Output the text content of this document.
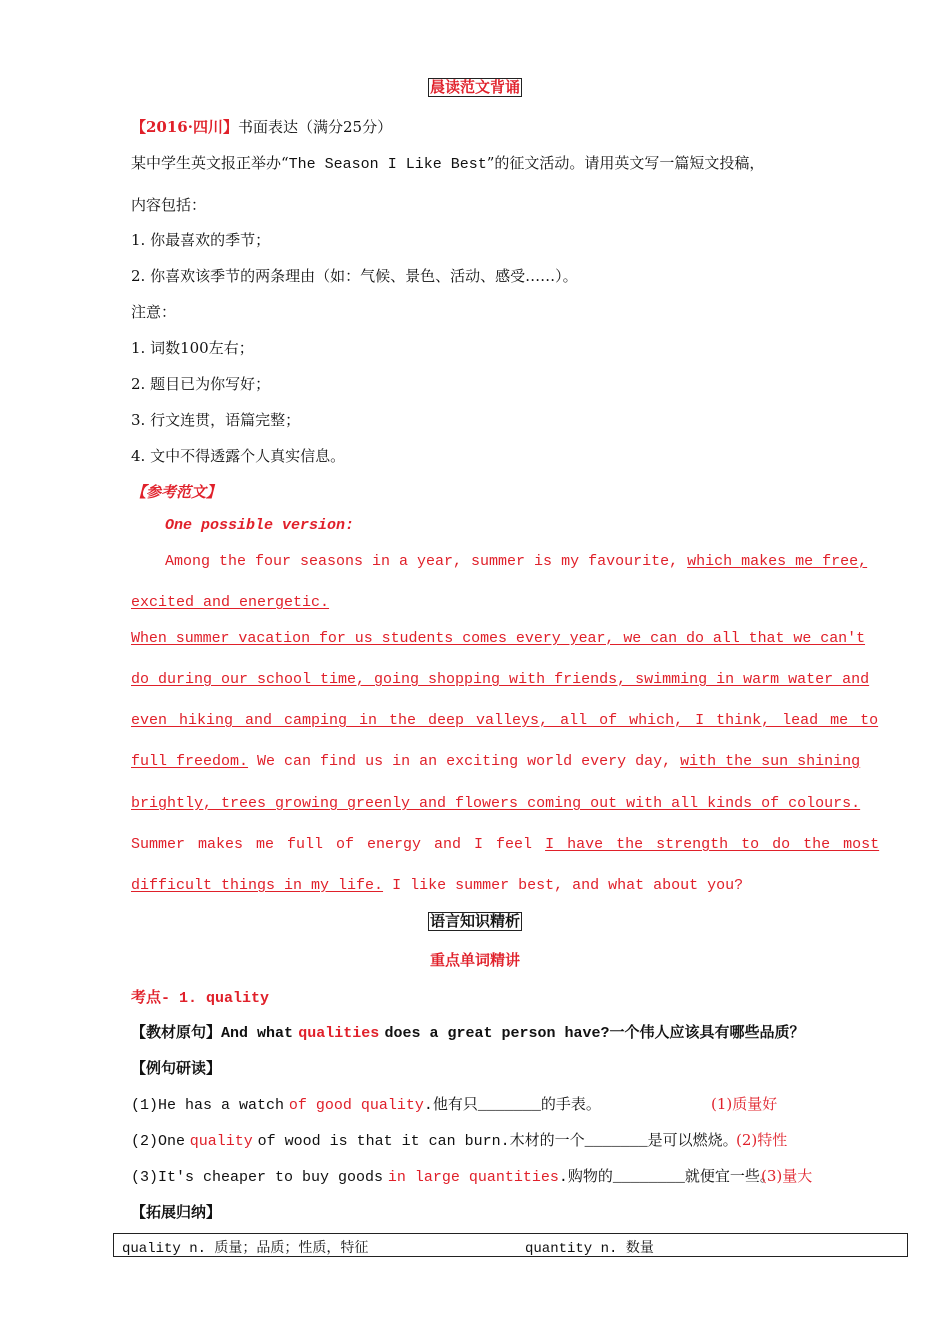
晨读范文背诵
【2016·四川】书面表达（满分25分）
某中学生英文报正举办“The Season I Like Best”的征文活动。请用英文写一篇短文投稿，
内容包括：
1. 你最喜欢的季节；
2. 你喜欢该季节的两条理由（如：气候、景色、活动、感受……）。
注意：
1. 词数100左右；
2. 题目已为你写好；
3. 行文连贯，语篇完整；
4. 文中不得透露个人真实信息。
【参考范文】
One possible version:
Among the four seasons in a year, summer is my favourite, which makes me free,
excited and energetic.
When summer vacation for us students comes every year, we can do all that we can't
do during our school time, going shopping with friends, swimming in warm water and
even hiking and camping in the deep valleys, all of which, I think, lead me to
full freedom. We can find us in an exciting world every day, with the sun shining
brightly, trees growing greenly and flowers coming out with all kinds of colours.
Summer makes me full of energy and I feel I have the strength to do the most
difficult things in my life. I like summer best, and what about you?
语言知识精析
重点单词精讲
考点- 1. quality
【教材原句】And what qualities does a great person have?一个伟人应该具有哪些品质？
【例句研读】
(1)He has a watch of good quality.他有只_______的手表。	(1)质量好
(2)One quality of wood is that it can burn.木材的一个_______是可以燃烧。
(2)特性
(3)It's cheaper to buy goods in large quantities.购物的________就便宜一些。
(3)量大
【拓展归纳】
quality n. 质量；品质；性质，特征	quantity n. 数量
